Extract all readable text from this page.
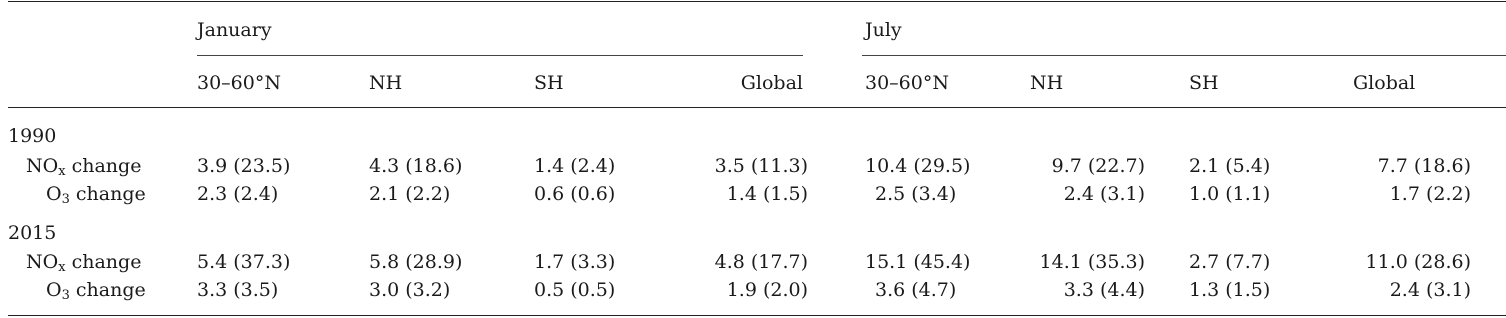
January	July
30–60°N	NH	SH	Global	30–60°N	NH	SH	Global
1990
$NO_x$ change	3.9 (23.5)	4.3 (18.6)	1.4 (2.4)	3.5 (11.3)	10.4 (29.5)	9.7 (22.7) 2.1 (5.4)	7.7 (18.6)
$O_3$ change	2.3 (2.4)	2.1 (2.2)	0.6 (0.6)	1.4 (1.5)	2.5 (3.4)	2.4 (3.1) 1.0 (1.1)	1.7 (2.2)
2015
$NO_x$ change	5.4 (37.3)	5.8 (28.9)	1.7 (3.3)	4.8 (17.7)	15.1 (45.4)	14.1 (35.3) 2.7 (7.7)	11.0 (28.6)
$O_3$ change	3.3 (3.5)	3.0 (3.2)	0.5 (0.5)	1.9 (2.0)	3.6 (4.7)	3.3 (4.4) 1.3 (1.5)	2.4 (3.1)
